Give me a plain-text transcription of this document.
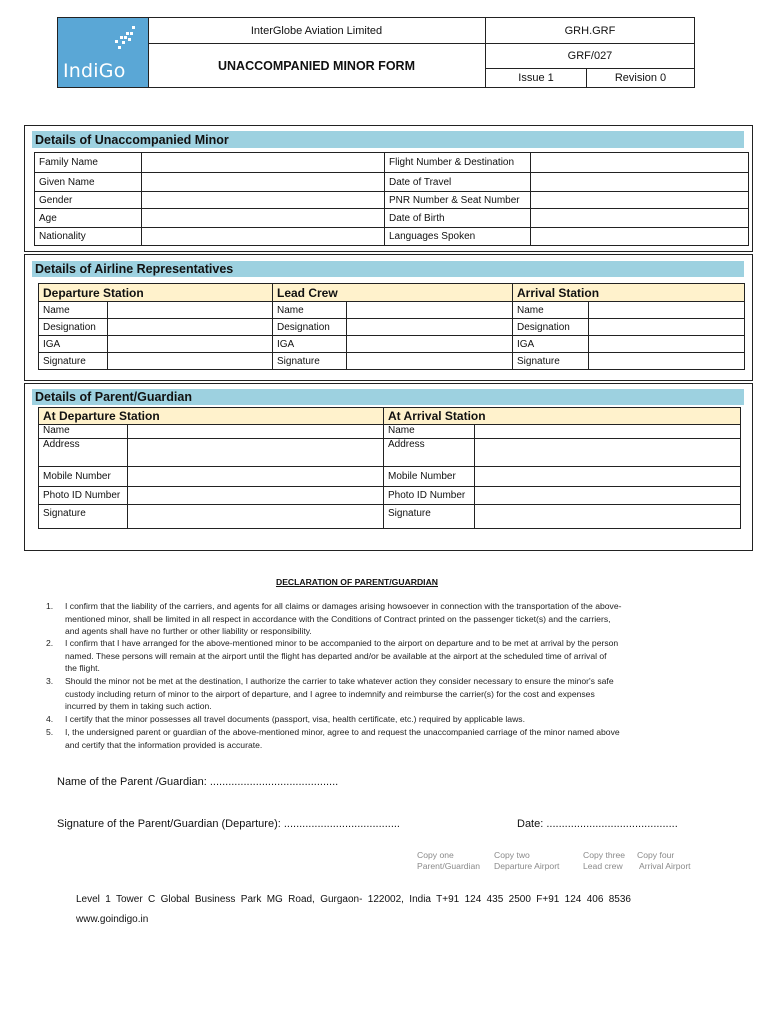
IndiGo
InterGlobe Aviation Limited
UNACCOMPANIED MINOR FORM
GRH.GRF
GRF/027
Issue 1	Revision 0
Details of Unaccompanied Minor
Family Name		Flight Number & Destination	
Given Name		Date of Travel	
Gender		PNR Number & Seat Number	
Age		Date of Birth	
Nationality		Languages Spoken	
Details of Airline Representatives
Departure Station		Lead Crew		Arrival Station	
Name		Name		Name	
Designation		Designation		Designation	
IGA		IGA		IGA	
Signature		Signature		Signature	
Details of Parent/Guardian
At Departure Station		At Arrival Station	
Name		Name	
Address		Address	
Mobile Number		Mobile Number	
Photo ID Number		Photo ID Number	
Signature		Signature	
DECLARATION OF PARENT/GUARDIAN
1. I confirm that the liability of the carriers, and agents for all claims or damages arising howsoever in connection with the transportation of the above-
mentioned minor, shall be limited in all respect in accordance with the Conditions of Contract printed on the passenger ticket(s) and the carriers,
and agents shall have no further or other liability or responsibility.
2. I confirm that I have arranged for the above-mentioned minor to be accompanied to the airport on departure and to be met at arrival by the person
named. These persons will remain at the airport until the flight has departed and/or be available at the airport at the scheduled time of arrival of
the flight.
3. Should the minor not be met at the destination, I authorize the carrier to take whatever action they consider necessary to ensure the minor's safe
custody including return of minor to the airport of departure, and I agree to indemnify and reimburse the carrier(s) for the cost and expenses
incurred by them in taking such action.
4. I certify that the minor possesses all travel documents (passport, visa, health certificate, etc.) required by applicable laws.
5. I, the undersigned parent or guardian of the above-mentioned minor, agree to and request the unaccompanied carriage of the minor named above
and certify that the information provided is accurate.
Name of the Parent /Guardian: ..........................................
Signature of the Parent/Guardian (Departure): ......................................	Date: ...........................................
Copy one
Parent/Guardian
Copy two
Departure Airport
Copy three
Lead crew
Copy four
Arrival Airport
Level 1 Tower C Global Business Park MG Road, Gurgaon- 122002, India T+91 124 435 2500 F+91 124 406 8536
www.goindigo.in
